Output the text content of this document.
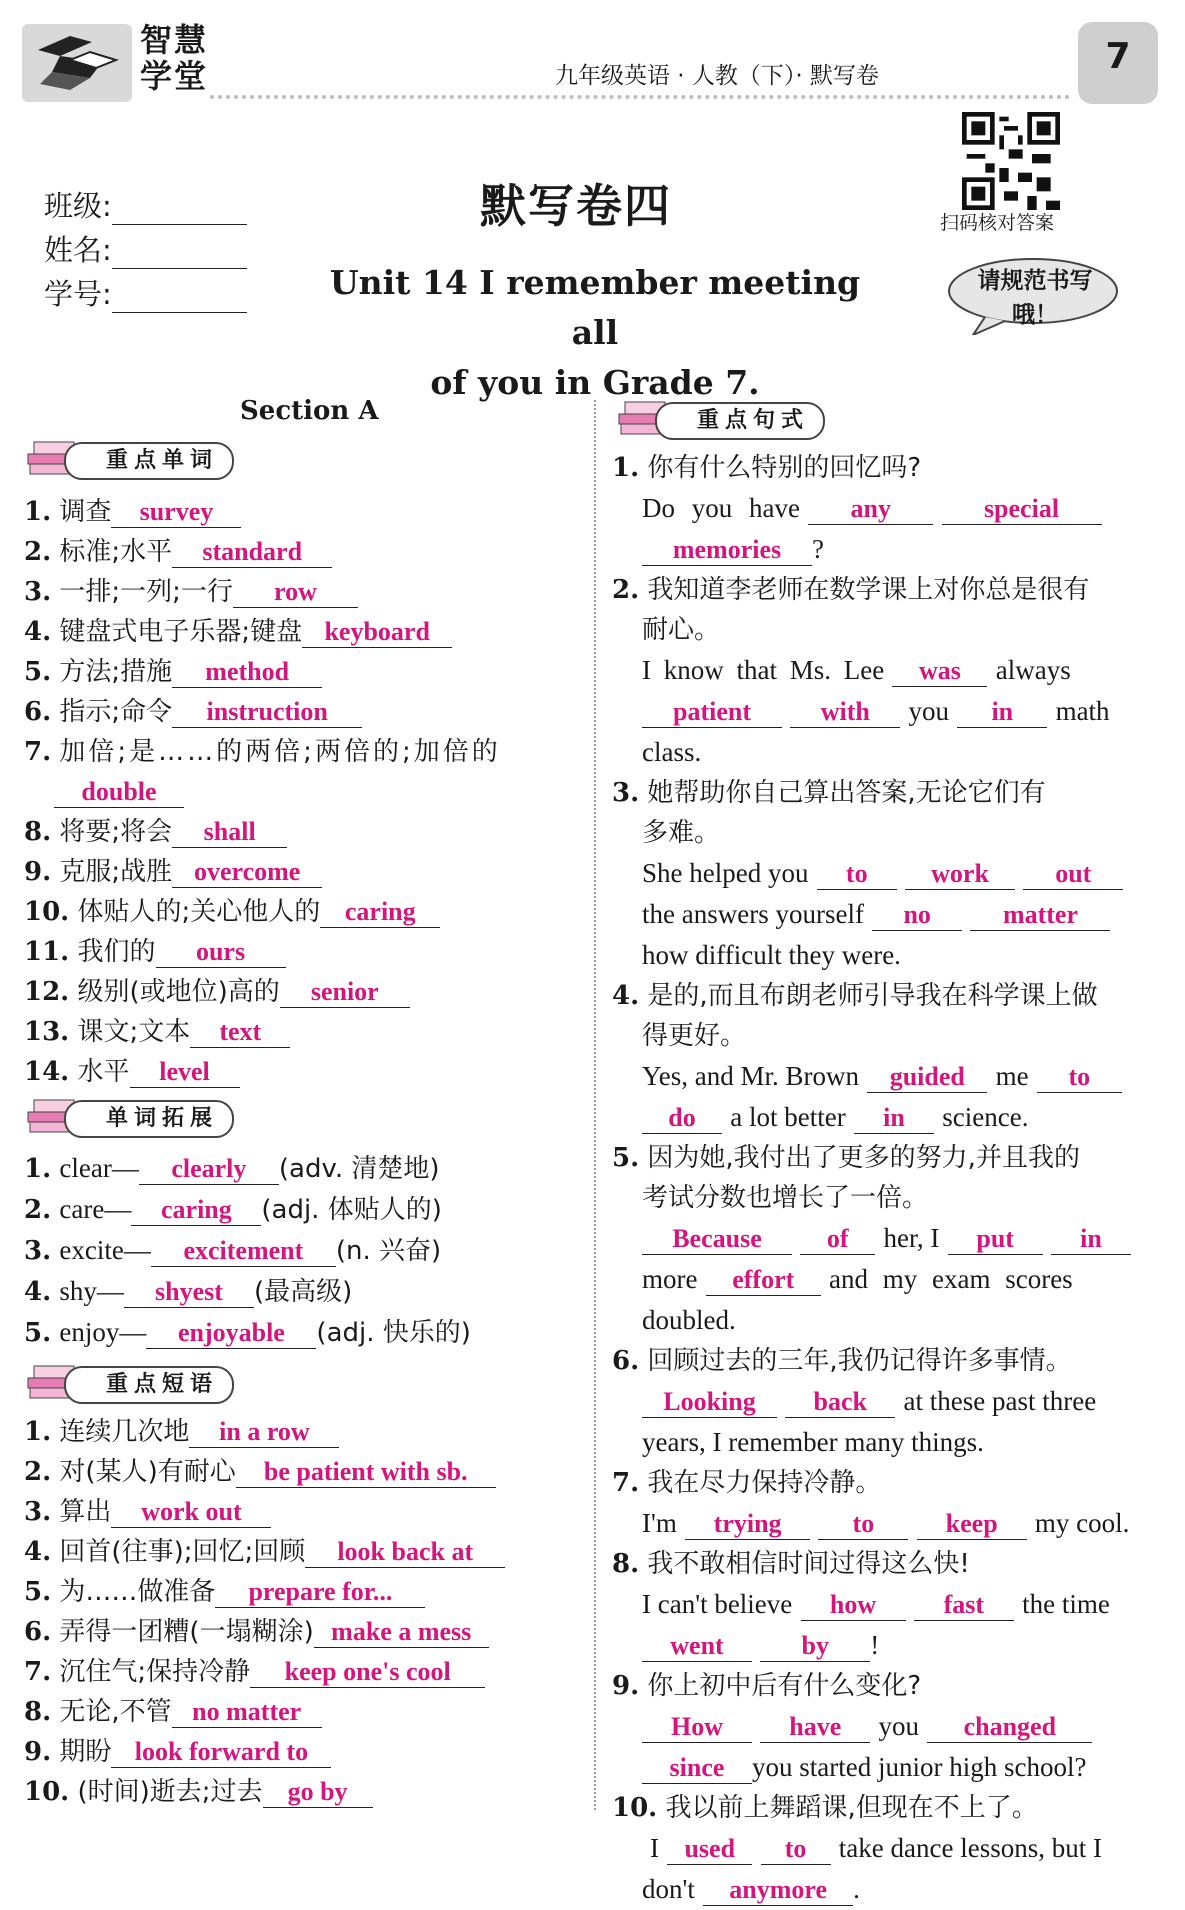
智慧
学堂	九年级英语 · 人教（下）· 默写卷	7
班级:
姓名:
学号:
默写卷四
Unit 14 I remember meeting all
of you in Grade 7.
扫码核对答案
请规范书写
哦！
Section A
重点单词
1. 调查 survey
2. 标准;水平 standard
3. 一排;一列;一行 row
4. 键盘式电子乐器;键盘 keyboard
5. 方法;措施 method
6. 指示;命令 instruction
7. 加倍;是……的两倍;两倍的;加倍的
double
8. 将要;将会 shall
9. 克服;战胜 overcome
10. 体贴人的;关心他人的 caring
11. 我们的 ours
12. 级别(或地位)高的 senior
13. 课文;文本 text
14. 水平 level
单词拓展
1. clear— clearly (adv. 清楚地)
2. care— caring (adj. 体贴人的)
3. excite— excitement (n. 兴奋)
4. shy— shyest (最高级)
5. enjoy— enjoyable (adj. 快乐的)
重点短语
1. 连续几次地 in a row
2. 对(某人)有耐心 be patient with sb.
3. 算出 work out
4. 回首(往事);回忆;回顾 look back at
5. 为……做准备 prepare for...
6. 弄得一团糟(一塌糊涂) make a mess
7. 沉住气;保持冷静 keep one's cool
8. 无论,不管 no matter
9. 期盼 look forward to
10. (时间)逝去;过去 go by
重点句式
1. 你有什么特别的回忆吗?
Do you have any	special
memories ?
2. 我知道李老师在数学课上对你总是很有
耐心。
I know that Ms. Lee was always
patient	with you in math
class.
3. 她帮助你自己算出答案,无论它们有
多难。
She helped you to work	out
the answers yourself no	matter
how difficult they were.
4. 是的,而且布朗老师引导我在科学课上做
得更好。
Yes, and Mr. Brown guided me to
do a lot better in science.
5. 因为她,我付出了更多的努力,并且我的
考试分数也增长了一倍。
Because	of her, I put	in
more effort and my exam scores
doubled.
6. 回顾过去的三年,我仍记得许多事情。
Looking back at these past three
years, I remember many things.
7. 我在尽力保持冷静。
I'm trying	to	keep my cool.
8. 我不敢相信时间过得这么快!
I can't believe how	fast the time
went	by !
9. 你上初中后有什么变化?
How	have you changed
since you started junior high school?
10. 我以前上舞蹈课,但现在不上了。
I used to take dance lessons, but I
don't anymore .
